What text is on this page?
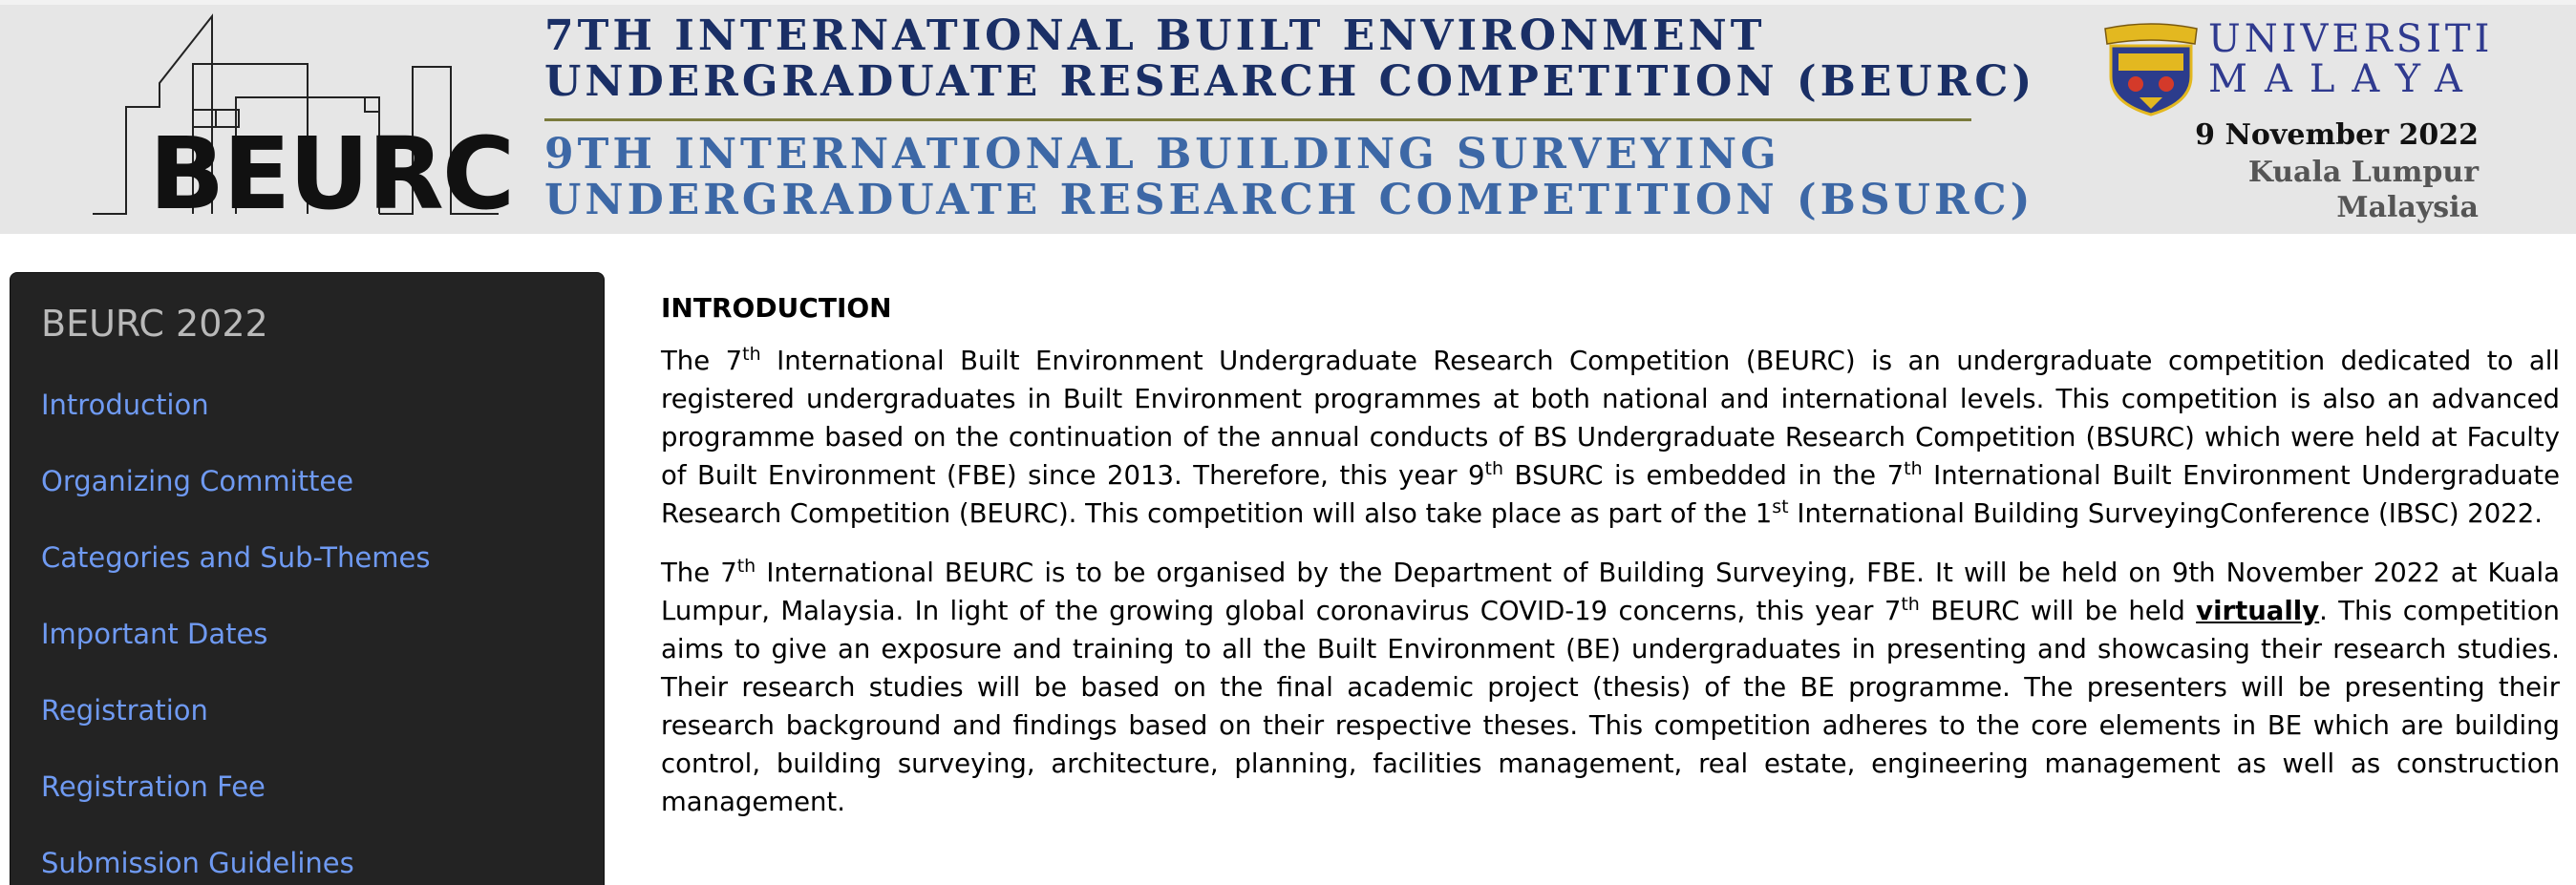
BEURC
7TH INTERNATIONAL BUILT ENVIRONMENT
UNDERGRADUATE RESEARCH COMPETITION (BEURC)
9TH INTERNATIONAL BUILDING SURVEYING
UNDERGRADUATE RESEARCH COMPETITION (BSURC)
UNIVERSITI
MALAYA
9 November 2022
Kuala Lumpur
Malaysia
BEURC 2022
Introduction
Organizing Committee
Categories and Sub-Themes
Important Dates
Registration
Registration Fee
Submission Guidelines
INTRODUCTION

The 7th International Built Environment Undergraduate Research Competition (BEURC) is an undergraduate competition dedicated to all registered undergraduates in Built Environment programmes at both national and international levels. This competition is also an advanced programme based on the continuation of the annual conducts of BS Undergraduate Research Competition (BSURC) which were held at Faculty of Built Environment (FBE) since 2013. Therefore, this year 9th BSURC is embedded in the 7th International Built Environment Undergraduate Research Competition (BEURC). This competition will also take place as part of the 1st International Building SurveyingConference (IBSC) 2022.

The 7th International BEURC is to be organised by the Department of Building Surveying, FBE. It will be held on 9th November 2022 at Kuala Lumpur, Malaysia. In light of the growing global coronavirus COVID-19 concerns, this year 7th BEURC will be held virtually. This competition aims to give an exposure and training to all the Built Environment (BE) undergraduates in presenting and showcasing their research studies. Their research studies will be based on the final academic project (thesis) of the BE programme. The presenters will be presenting their research background and findings based on their respective theses. This competition adheres to the core elements in BE which are building control, building surveying, architecture, planning, facilities management, real estate, engineering management as well as construction management.
